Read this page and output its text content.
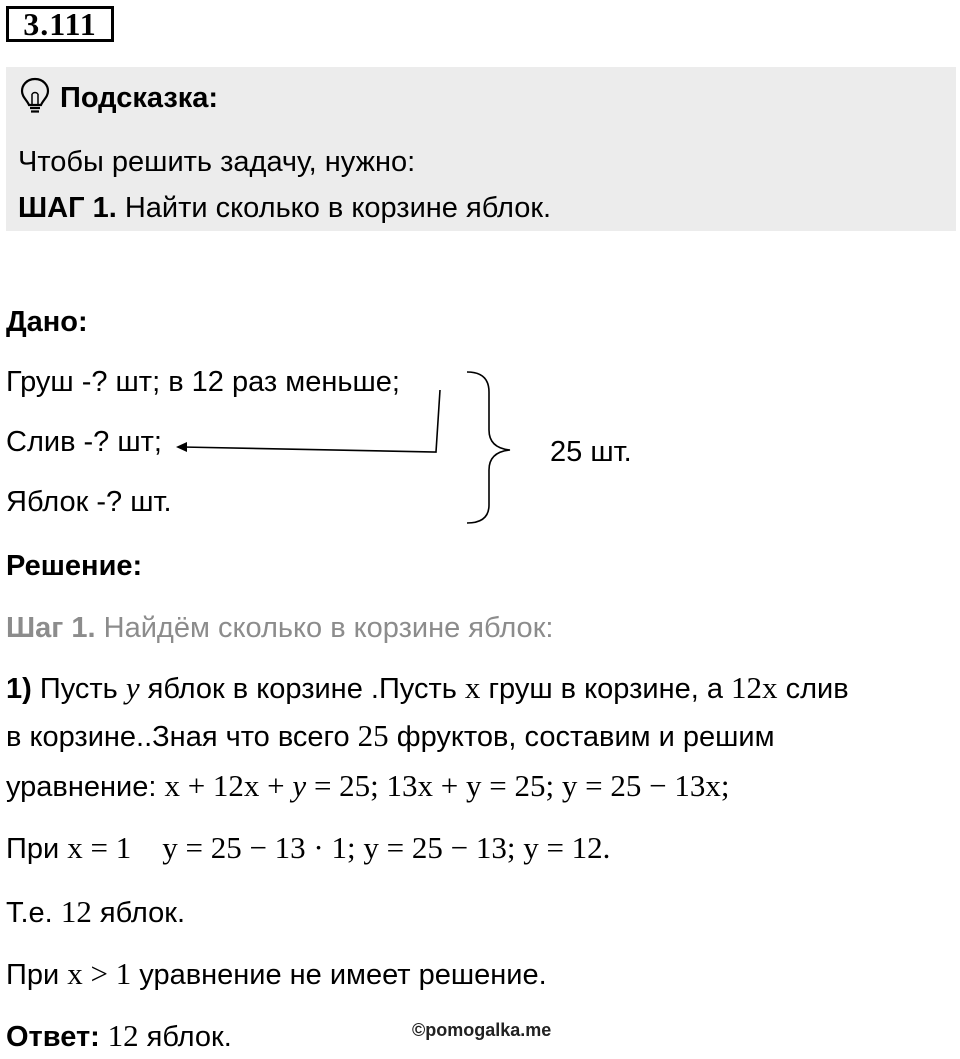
3.111
Подсказка:
Чтобы решить задачу, нужно:
ШАГ 1. Найти сколько в корзине яблок.
Дано:
Груш -? шт; в 12 раз меньше;
Слив -? шт;
Яблок -? шт.
25 шт.
Решение:
Шаг 1. Найдём сколько в корзине яблок:
1) Пусть y яблок в корзине .Пусть x груш в корзине, а 12x слив
в корзине..Зная что всего 25 фруктов, составим и решим
уравнение: x + 12x + y = 25; 13x + y = 25; y = 25 − 13x;
При x = 1    y = 25 − 13 · 1; y = 25 − 13; y = 12.
Т.е. 12 яблок.
При x > 1 уравнение не имеет решение.
Ответ: 12 яблок.	©pomogalka.me
